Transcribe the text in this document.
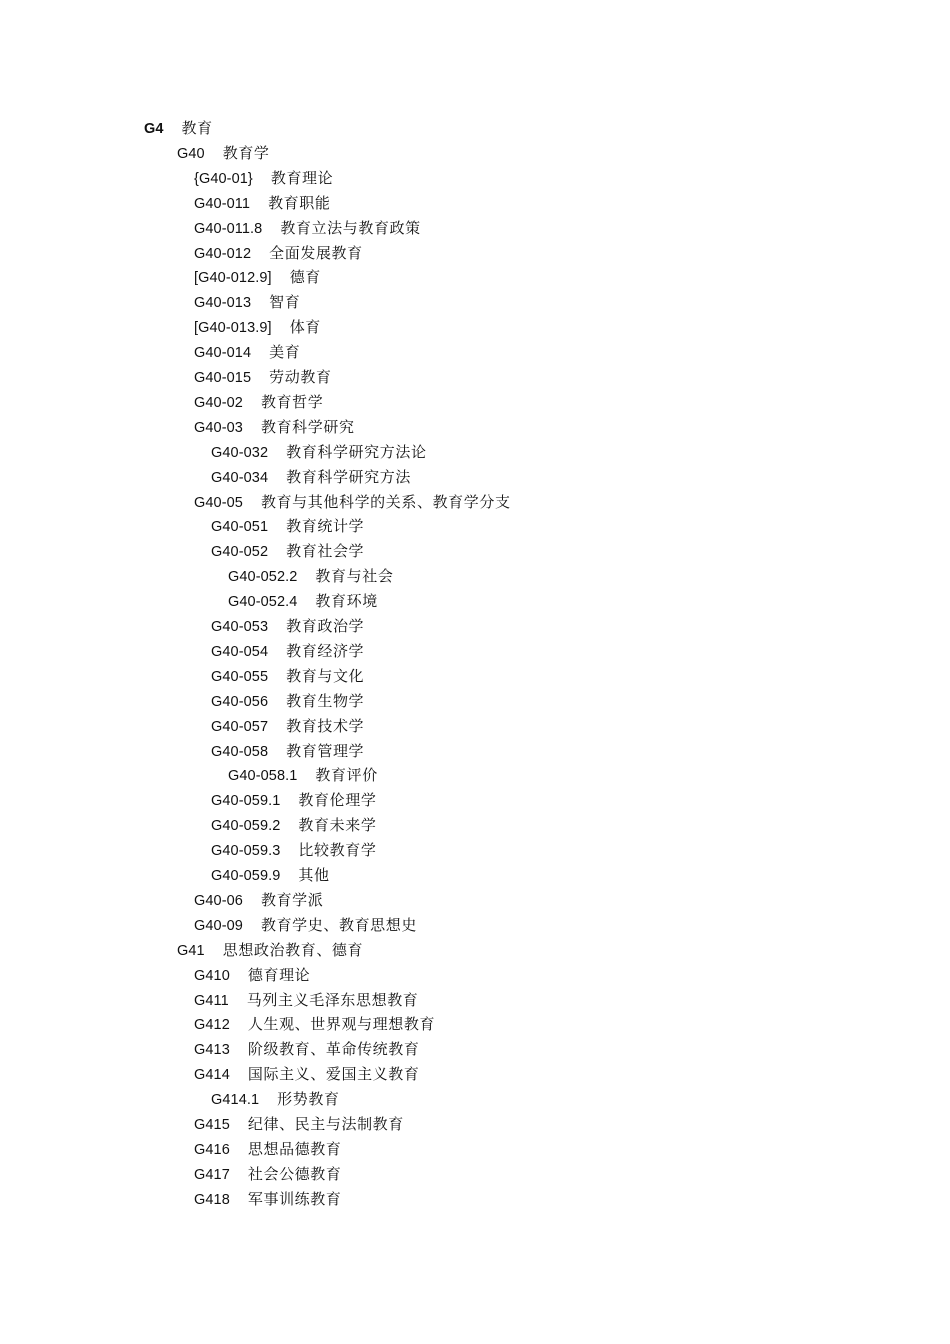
G4 教育
G40 教育学
{G40-01} 教育理论
G40-011 教育职能
G40-011.8 教育立法与教育政策
G40-012 全面发展教育
[G40-012.9] 德育
G40-013 智育
[G40-013.9] 体育
G40-014 美育
G40-015 劳动教育
G40-02 教育哲学
G40-03 教育科学研究
G40-032 教育科学研究方法论
G40-034 教育科学研究方法
G40-05 教育与其他科学的关系、教育学分支
G40-051 教育统计学
G40-052 教育社会学
G40-052.2 教育与社会
G40-052.4 教育环境
G40-053 教育政治学
G40-054 教育经济学
G40-055 教育与文化
G40-056 教育生物学
G40-057 教育技术学
G40-058 教育管理学
G40-058.1 教育评价
G40-059.1 教育伦理学
G40-059.2 教育未来学
G40-059.3 比较教育学
G40-059.9 其他
G40-06 教育学派
G40-09 教育学史、教育思想史
G41 思想政治教育、德育
G410 德育理论
G411 马列主义毛泽东思想教育
G412 人生观、世界观与理想教育
G413 阶级教育、革命传统教育
G414 国际主义、爱国主义教育
G414.1 形势教育
G415 纪律、民主与法制教育
G416 思想品德教育
G417 社会公德教育
G418 军事训练教育
